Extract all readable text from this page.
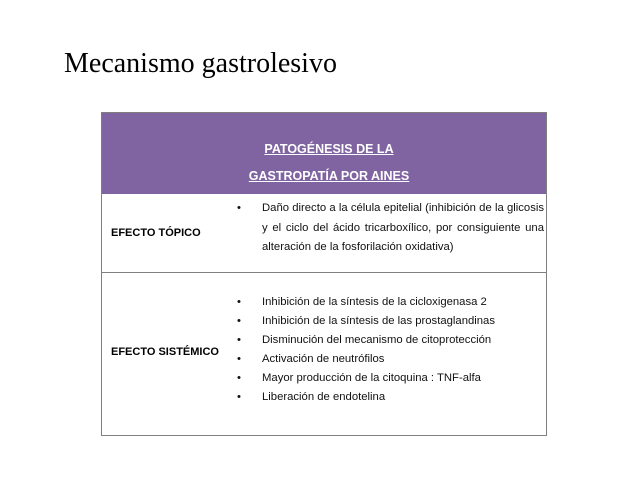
Mecanismo gastrolesivo
PATOGÉNESIS DE LA
GASTROPATÍA POR AINES
EFECTO TÓPICO
• Daño directo a la célula epitelial (inhibición de la glicosis y el ciclo del ácido tricarboxílico, por consiguiente una alteración de la fosforilación oxidativa)
EFECTO SISTÉMICO
• Inhibición de la síntesis de la cicloxigenasa 2
• Inhibición de la síntesis de las prostaglandinas
• Disminución del mecanismo de citoprotección
• Activación de neutrófilos
• Mayor producción de la citoquina : TNF-alfa
• Liberación de endotelina
